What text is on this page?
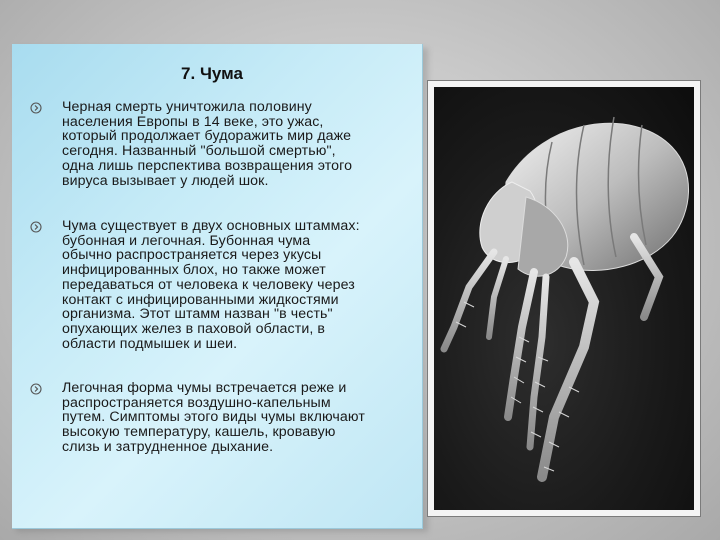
7. Чума
Черная смерть уничтожила половину
населения Европы в 14 веке, это ужас,
который продолжает будоражить мир даже
сегодня. Названный "большой смертью",
одна лишь перспектива возвращения этого
вируса вызывает у людей шок.
Чума существует в двух основных штаммах:
бубонная и легочная. Бубонная чума
обычно распространяется через укусы
инфицированных блох, но также может
передаваться от человека к человеку через
контакт с инфицированными жидкостями
организма. Этот штамм назван "в честь"
опухающих желез в паховой области, в
области подмышек и шеи.
Легочная форма чумы встречается реже и
распространяется воздушно-капельным
путем. Симптомы этого виды чумы включают
высокую температуру, кашель, кровавую
слизь и затрудненное дыхание.
